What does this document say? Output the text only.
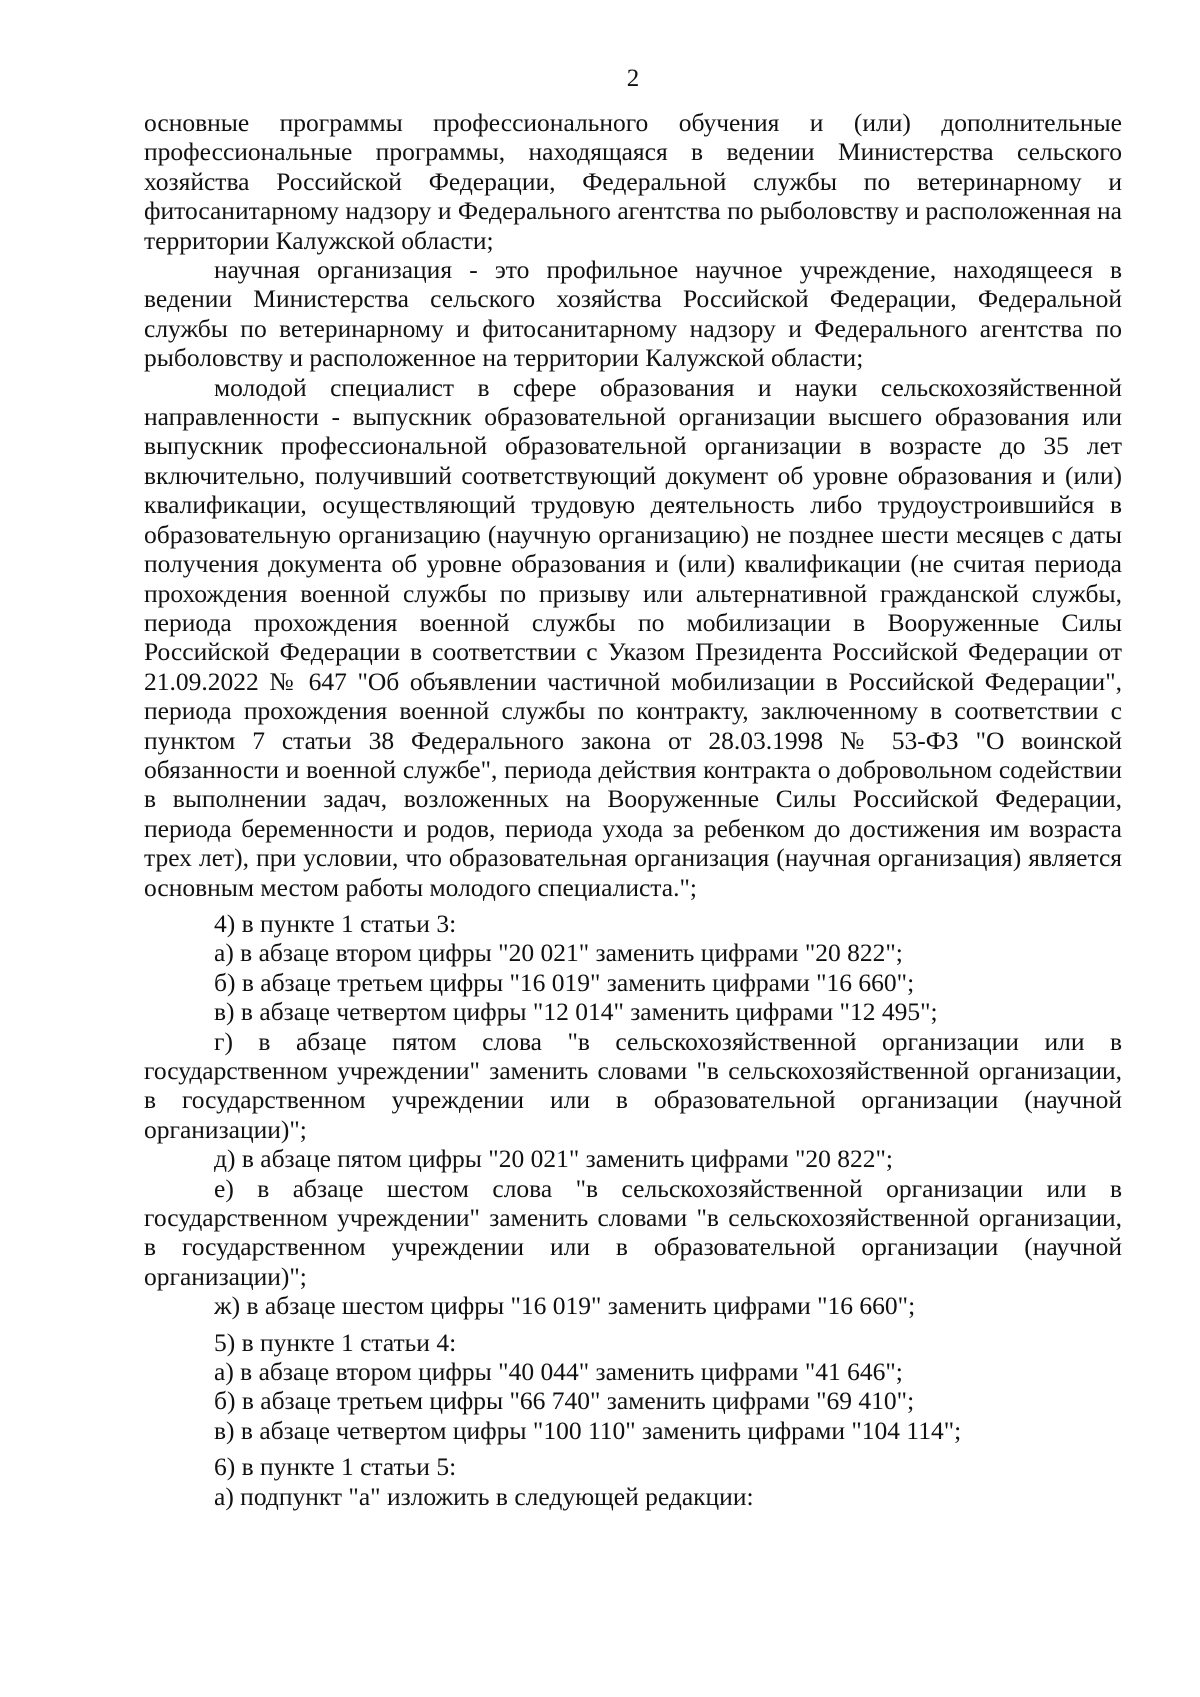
2

основные программы профессионального обучения и (или) дополнительные профессиональные программы, находящаяся в ведении Министерства сельского хозяйства Российской Федерации, Федеральной службы по ветеринарному и фитосанитарному надзору и Федерального агентства по рыболовству и расположенная на территории Калужской области;

научная организация - это профильное научное учреждение, находящееся в ведении Министерства сельского хозяйства Российской Федерации, Федеральной службы по ветеринарному и фитосанитарному надзору и Федерального агентства по рыболовству и расположенное на территории Калужской области;

молодой специалист в сфере образования и науки сельскохозяйственной направленности - выпускник образовательной организации высшего образования или выпускник профессиональной образовательной организации в возрасте до 35 лет включительно, получивший соответствующий документ об уровне образования и (или) квалификации, осуществляющий трудовую деятельность либо трудоустроившийся в образовательную организацию (научную организацию) не позднее шести месяцев с даты получения документа об уровне образования и (или) квалификации (не считая периода прохождения военной службы по призыву или альтернативной гражданской службы, периода прохождения военной службы по мобилизации в Вооруженные Силы Российской Федерации в соответствии с Указом Президента Российской Федерации от 21.09.2022 № 647 "Об объявлении частичной мобилизации в Российской Федерации", периода прохождения военной службы по контракту, заключенному в соответствии с пунктом 7 статьи 38 Федерального закона от 28.03.1998 № 53-ФЗ "О воинской обязанности и военной службе", периода действия контракта о добровольном содействии в выполнении задач, возложенных на Вооруженные Силы Российской Федерации, периода беременности и родов, периода ухода за ребенком до достижения им возраста трех лет), при условии, что образовательная организация (научная организация) является основным местом работы молодого специалиста.";

4) в пункте 1 статьи 3:

а) в абзаце втором цифры "20 021" заменить цифрами "20 822";

б) в абзаце третьем цифры "16 019" заменить цифрами "16 660";

в) в абзаце четвертом цифры "12 014" заменить цифрами "12 495";

г) в абзаце пятом слова "в сельскохозяйственной организации или в государственном учреждении" заменить словами "в сельскохозяйственной организации, в государственном учреждении или в образовательной организации (научной организации)";

д) в абзаце пятом цифры "20 021" заменить цифрами "20 822";

е) в абзаце шестом слова "в сельскохозяйственной организации или в государственном учреждении" заменить словами "в сельскохозяйственной организации, в государственном учреждении или в образовательной организации (научной организации)";

ж) в абзаце шестом цифры "16 019" заменить цифрами "16 660";

5) в пункте 1 статьи 4:

а) в абзаце втором цифры "40 044" заменить цифрами "41 646";

б) в абзаце третьем цифры "66 740" заменить цифрами "69 410";

в) в абзаце четвертом цифры "100 110" заменить цифрами "104 114";

6) в пункте 1 статьи 5:

а) подпункт "а" изложить в следующей редакции:
